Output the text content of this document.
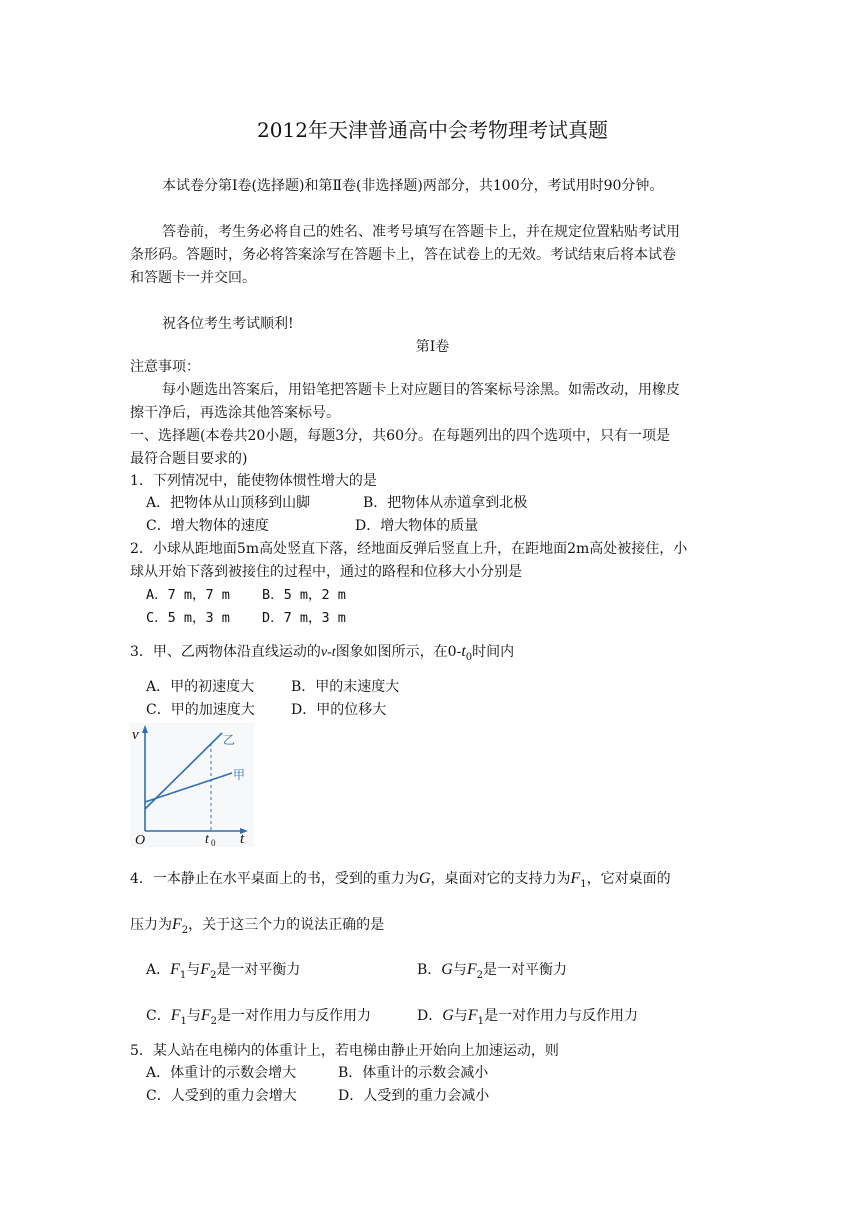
2012年天津普通高中会考物理考试真题
本试卷分第Ⅰ卷(选择题)和第Ⅱ卷(非选择题)两部分，共100分，考试用时90分钟。
答卷前，考生务必将自己的姓名、准考号填写在答题卡上，并在规定位置粘贴考试用
条形码。答题时，务必将答案涂写在答题卡上，答在试卷上的无效。考试结束后将本试卷
和答题卡一并交回。
祝各位考生考试顺利!
第Ⅰ卷
注意事项：
每小题选出答案后，用铅笔把答题卡上对应题目的答案标号涂黑。如需改动，用橡皮
擦干净后，再选涂其他答案标号。
一、选择题(本卷共20小题，每题3分，共60分。在每题列出的四个选项中，只有一项是
最符合题目要求的)
1．下列情况中，能使物体惯性增大的是
A．把物体从山顶移到山脚	B．把物体从赤道拿到北极
C．增大物体的速度	D．增大物体的质量
2．小球从距地面5m高处竖直下落，经地面反弹后竖直上升，在距地面2m高处被接住，小
球从开始下落到被接住的过程中，通过的路程和位移大小分别是
A．7 m，7 m B．5 m，2 m
C．5 m，3 m D．7 m，3 m
3．甲、乙两物体沿直线运动的v-t图象如图所示，在$0-t_0$时间内
A．甲的初速度大	B．甲的末速度大
C．甲的加速度大	D．甲的位移大
v
t
O	t 0
乙
甲
4．一本静止在水平桌面上的书，受到的重力为G，桌面对它的支持力为$F_1$，它对桌面的
压力为$F_2$，关于这三个力的说法正确的是
A．$F_1$与$F_2$是一对平衡力	B．G与$F_2$是一对平衡力
C．$F_1$与$F_2$是一对作用力与反作用力	D．G与$F_1$是一对作用力与反作用力
5．某人站在电梯内的体重计上，若电梯由静止开始向上加速运动，则
A．体重计的示数会增大	B．体重计的示数会减小
C．人受到的重力会增大	D．人受到的重力会减小
